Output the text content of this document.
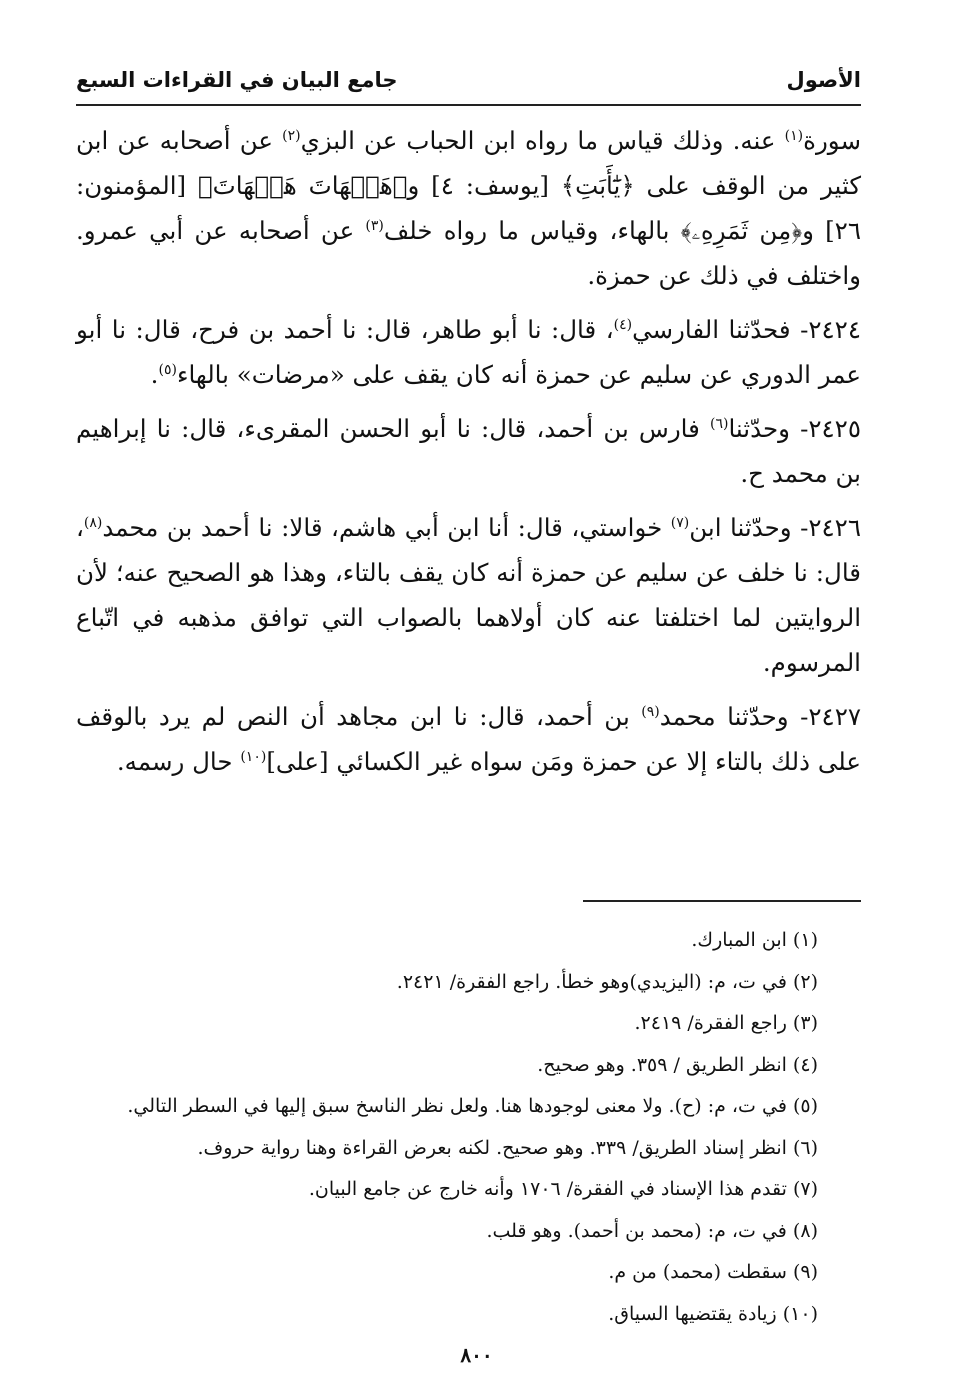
الأصول
جامع البيان في القراءات السبع

سورة$^{(١)}$ عنه. وذلك قياس ما رواه ابن الحباب عن البزي$^{(٢)}$ عن أصحابه عن ابن كثير من الوقف على ﴿يَٰٓأَبَتِ﴾ [يوسف: ٤] و﴿هَيۡهَاتَ هَيۡهَاتَ﴾ [المؤمنون: ٢٦] و﴿مِن ثَمَرِهِۦ﴾ بالهاء، وقياس ما رواه خلف$^{(٣)}$ عن أصحابه عن أبي عمرو. واختلف في ذلك عن حمزة.

٢٤٢٤- فحدّثنا الفارسي$^{(٤)}$، قال: نا أبو طاهر، قال: نا أحمد بن فرح، قال: نا أبو عمر الدوري عن سليم عن حمزة أنه كان يقف على «مرضات» بالهاء$^{(٥)}$.

٢٤٢٥- وحدّثنا$^{(٦)}$ فارس بن أحمد، قال: نا أبو الحسن المقرىء، قال: نا إبراهيم بن محمد ح.

٢٤٢٦- وحدّثنا ابن$^{(٧)}$ خواستي، قال: أنا ابن أبي هاشم، قالا: نا أحمد بن محمد$^{(٨)}$، قال: نا خلف عن سليم عن حمزة أنه كان يقف بالتاء، وهذا هو الصحيح عنه؛ لأن الروايتين لما اختلفتا عنه كان أولاهما بالصواب التي توافق مذهبه في اتّباع المرسوم.

٢٤٢٧- وحدّثنا محمد$^{(٩)}$ بن أحمد، قال: نا ابن مجاهد أن النص لم يرد بالوقف على ذلك بالتاء إلا عن حمزة ومَن سواه غير الكسائي [على]$^{(١٠)}$ حال رسمه.

(١) ابن المبارك.
(٢) في ت، م: (اليزيدي)وهو خطأ. راجع الفقرة/ ٢٤٢١.
(٣) راجع الفقرة/ ٢٤١٩.
(٤) انظر الطريق / ٣٥٩. وهو صحيح.
(٥) في ت، م: (ح). ولا معنى لوجودها هنا. ولعل نظر الناسخ سبق إليها في السطر التالي.
(٦) انظر إسناد الطريق/ ٣٣٩. وهو صحيح. لكنه بعرض القراءة وهنا رواية حروف.
(٧) تقدم هذا الإسناد في الفقرة/ ١٧٠٦ وأنه خارج عن جامع البيان.
(٨) في ت، م: (محمد بن أحمد). وهو قلب.
(٩) سقطت (محمد) من م.
(١٠) زيادة يقتضيها السياق.
٨٠٠
